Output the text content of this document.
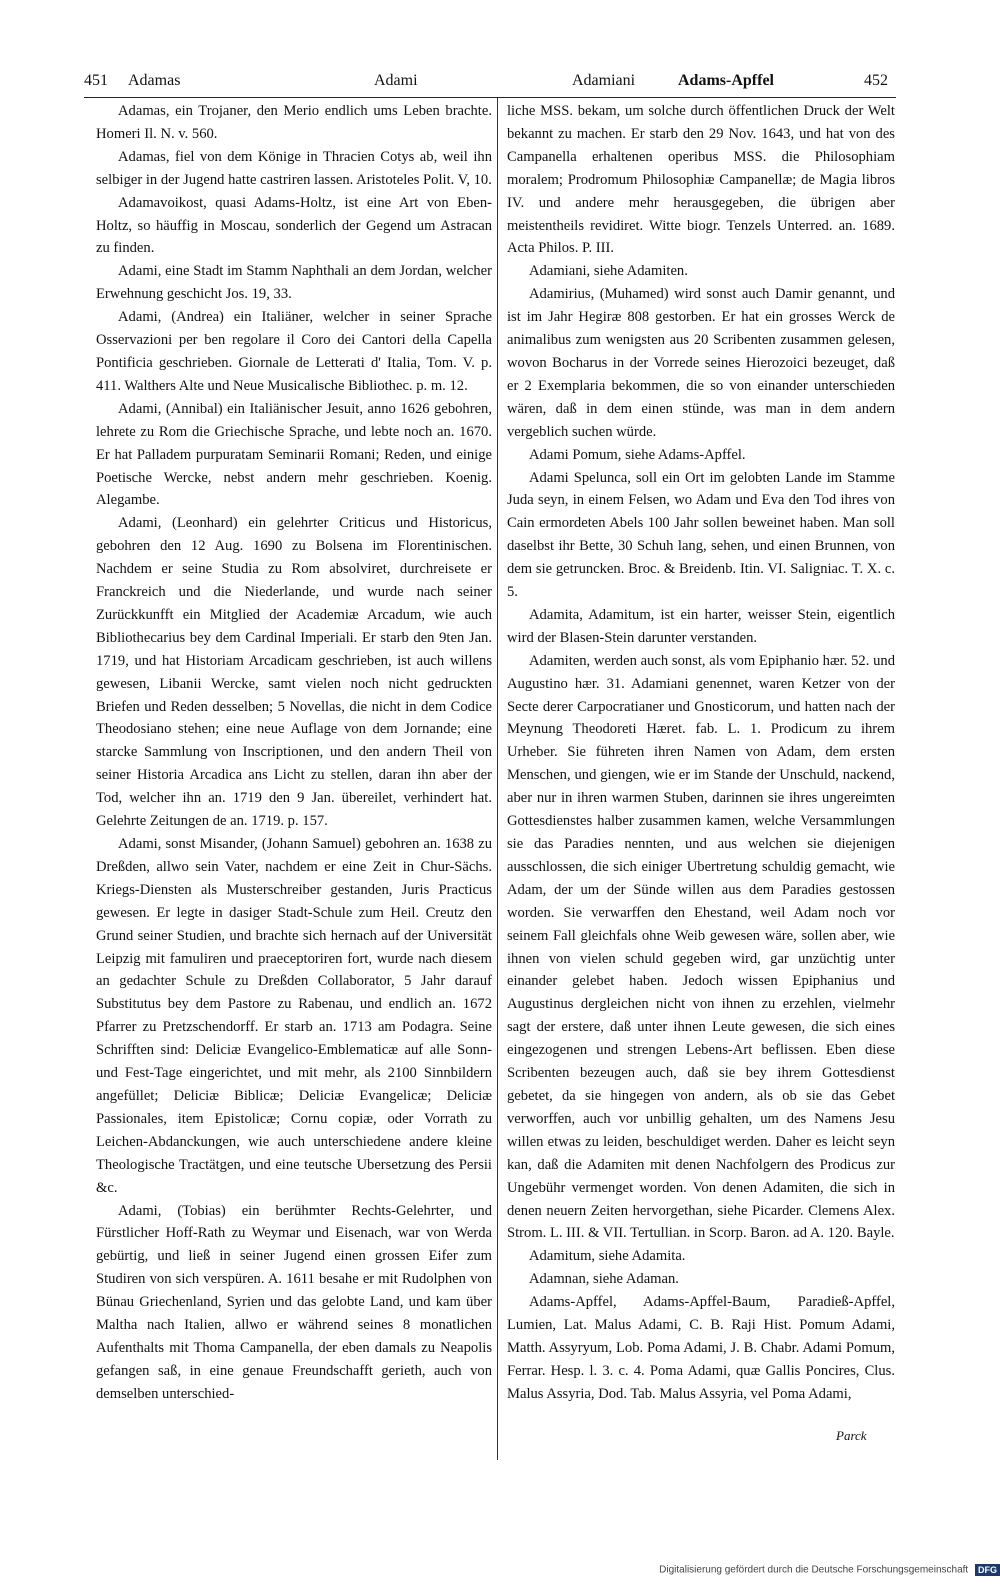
451 Adamas	Adami	Adamiani	Adams-Apffel	452

Adamas, ein Trojaner, den Merio endlich ums Leben brachte. Homeri Il. N. v. 560.

Adamas, fiel von dem Könige in Thracien Cotys ab, weil ihn selbiger in der Jugend hatte castriren lassen. Aristoteles Polit. V, 10.

Adamavoikost, quasi Adams-Holtz, ist eine Art von Eben-Holtz, so häuffig in Moscau, sonderlich der Gegend um Astracan zu finden.

Adami, eine Stadt im Stamm Naphthali an dem Jordan, welcher Erwehnung geschicht Jos. 19, 33.

Adami, (Andrea) ein Italiäner, welcher in seiner Sprache Osservazioni per ben regolare il Coro dei Cantori della Capella Pontificia geschrieben. Giornale de Letterati d' Italia, Tom. V. p. 411. Walthers Alte und Neue Musicalische Bibliothec. p. m. 12.

Adami, (Annibal) ein Italiänischer Jesuit, anno 1626 gebohren, lehrete zu Rom die Griechische Sprache, und lebte noch an. 1670. Er hat Palladem purpuratam Seminarii Romani; Reden, und einige Poetische Wercke, nebst andern mehr geschrieben. Koenig. Alegambe.

Adami, (Leonhard) ein gelehrter Criticus und Historicus, gebohren den 12 Aug. 1690 zu Bolsena im Florentinischen. Nachdem er seine Studia zu Rom absolviret, durchreisete er Franckreich und die Niederlande, und wurde nach seiner Zurückkunfft ein Mitglied der Academiæ Arcadum, wie auch Bibliothecarius bey dem Cardinal Imperiali. Er starb den 9ten Jan. 1719, und hat Historiam Arcadicam geschrieben, ist auch willens gewesen, Libanii Wercke, samt vielen noch nicht gedruckten Briefen und Reden desselben; 5 Novellas, die nicht in dem Codice Theodosiano stehen; eine neue Auflage von dem Jornande; eine starcke Sammlung von Inscriptionen, und den andern Theil von seiner Historia Arcadica ans Licht zu stellen, daran ihn aber der Tod, welcher ihn an. 1719 den 9 Jan. übereilet, verhindert hat. Gelehrte Zeitungen de an. 1719. p. 157.

Adami, sonst Misander, (Johann Samuel) gebohren an. 1638 zu Dreßden, allwo sein Vater, nachdem er eine Zeit in Chur-Sächs. Kriegs-Diensten als Musterschreiber gestanden, Juris Practicus gewesen. Er legte in dasiger Stadt-Schule zum Heil. Creutz den Grund seiner Studien, und brachte sich hernach auf der Universität Leipzig mit famuliren und praeceptoriren fort, wurde nach diesem an gedachter Schule zu Dreßden Collaborator, 5 Jahr darauf Substitutus bey dem Pastore zu Rabenau, und endlich an. 1672 Pfarrer zu Pretzschendorff. Er starb an. 1713 am Podagra. Seine Schrifften sind: Deliciæ Evangelico-Emblematicæ auf alle Sonn- und Fest-Tage eingerichtet, und mit mehr, als 2100 Sinnbildern angefüllet; Deliciæ Biblicæ; Deliciæ Evangelicæ; Deliciæ Passionales, item Epistolicæ; Cornu copiæ, oder Vorrath zu Leichen-Abdanckungen, wie auch unterschiedene andere kleine Theologische Tractätgen, und eine teutsche Ubersetzung des Persii &c.

Adami, (Tobias) ein berühmter Rechts-Gelehrter, und Fürstlicher Hoff-Rath zu Weymar und Eisenach, war von Werda gebürtig, und ließ in seiner Jugend einen grossen Eifer zum Studiren von sich verspüren. A. 1611 besahe er mit Rudolphen von Bünau Griechenland, Syrien und das gelobte Land, und kam über Maltha nach Italien, allwo er während seines 8 monatlichen Aufenthalts mit Thoma Campanella, der eben damals zu Neapolis gefangen saß, in eine genaue Freundschafft gerieth, auch von demselben unterschied-

liche MSS. bekam, um solche durch öffentlichen Druck der Welt bekannt zu machen. Er starb den 29 Nov. 1643, und hat von des Campanella erhaltenen operibus MSS. die Philosophiam moralem; Prodromum Philosophiæ Campanellæ; de Magia libros IV. und andere mehr herausgegeben, die übrigen aber meistentheils revidiret. Witte biogr. Tenzels Unterred. an. 1689. Acta Philos. P. III.

Adamiani, siehe Adamiten.

Adamirius, (Muhamed) wird sonst auch Damir genannt, und ist im Jahr Hegiræ 808 gestorben. Er hat ein grosses Werck de animalibus zum wenigsten aus 20 Scribenten zusammen gelesen, wovon Bocharus in der Vorrede seines Hierozoici bezeuget, daß er 2 Exemplaria bekommen, die so von einander unterschieden wären, daß in dem einen stünde, was man in dem andern vergeblich suchen würde.

Adami Pomum, siehe Adams-Apffel.

Adami Spelunca, soll ein Ort im gelobten Lande im Stamme Juda seyn, in einem Felsen, wo Adam und Eva den Tod ihres von Cain ermordeten Abels 100 Jahr sollen beweinet haben. Man soll daselbst ihr Bette, 30 Schuh lang, sehen, und einen Brunnen, von dem sie getruncken. Broc. & Breidenb. Itin. VI. Saligniac. T. X. c. 5.

Adamita, Adamitum, ist ein harter, weisser Stein, eigentlich wird der Blasen-Stein darunter verstanden.

Adamiten, werden auch sonst, als vom Epiphanio hær. 52. und Augustino hær. 31. Adamiani genennet, waren Ketzer von der Secte derer Carpocratianer und Gnosticorum, und hatten nach der Meynung Theodoreti Hæret. fab. L. 1. Prodicum zu ihrem Urheber. Sie führeten ihren Namen von Adam, dem ersten Menschen, und giengen, wie er im Stande der Unschuld, nackend, aber nur in ihren warmen Stuben, darinnen sie ihres ungereimten Gottesdienstes halber zusammen kamen, welche Versammlungen sie das Paradies nennten, und aus welchen sie diejenigen ausschlossen, die sich einiger Ubertretung schuldig gemacht, wie Adam, der um der Sünde willen aus dem Paradies gestossen worden. Sie verwarffen den Ehestand, weil Adam noch vor seinem Fall gleichfals ohne Weib gewesen wäre, sollen aber, wie ihnen von vielen schuld gegeben wird, gar unzüchtig unter einander gelebet haben. Jedoch wissen Epiphanius und Augustinus dergleichen nicht von ihnen zu erzehlen, vielmehr sagt der erstere, daß unter ihnen Leute gewesen, die sich eines eingezogenen und strengen Lebens-Art beflissen. Eben diese Scribenten bezeugen auch, daß sie bey ihrem Gottesdienst gebetet, da sie hingegen von andern, als ob sie das Gebet verworffen, auch vor unbillig gehalten, um des Namens Jesu willen etwas zu leiden, beschuldiget werden. Daher es leicht seyn kan, daß die Adamiten mit denen Nachfolgern des Prodicus zur Ungebühr vermenget worden. Von denen Adamiten, die sich in denen neuern Zeiten hervorgethan, siehe Picarder. Clemens Alex. Strom. L. III. & VII. Tertullian. in Scorp. Baron. ad A. 120. Bayle.

Adamitum, siehe Adamita.

Adamnan, siehe Adaman.

Adams-Apffel, Adams-Apffel-Baum, Paradieß-Apffel, Lumien, Lat. Malus Adami, C. B. Raji Hist. Pomum Adami, Matth. Assyryum, Lob. Poma Adami, J. B. Chabr. Adami Pomum, Ferrar. Hesp. l. 3. c. 4. Poma Adami, quæ Gallis Poncires, Clus. Malus Assyria, Dod. Tab. Malus Assyria, vel Poma Adami,

Parck
Digitalisierung gefördert durch die Deutsche Forschungsgemeinschaft DFG
